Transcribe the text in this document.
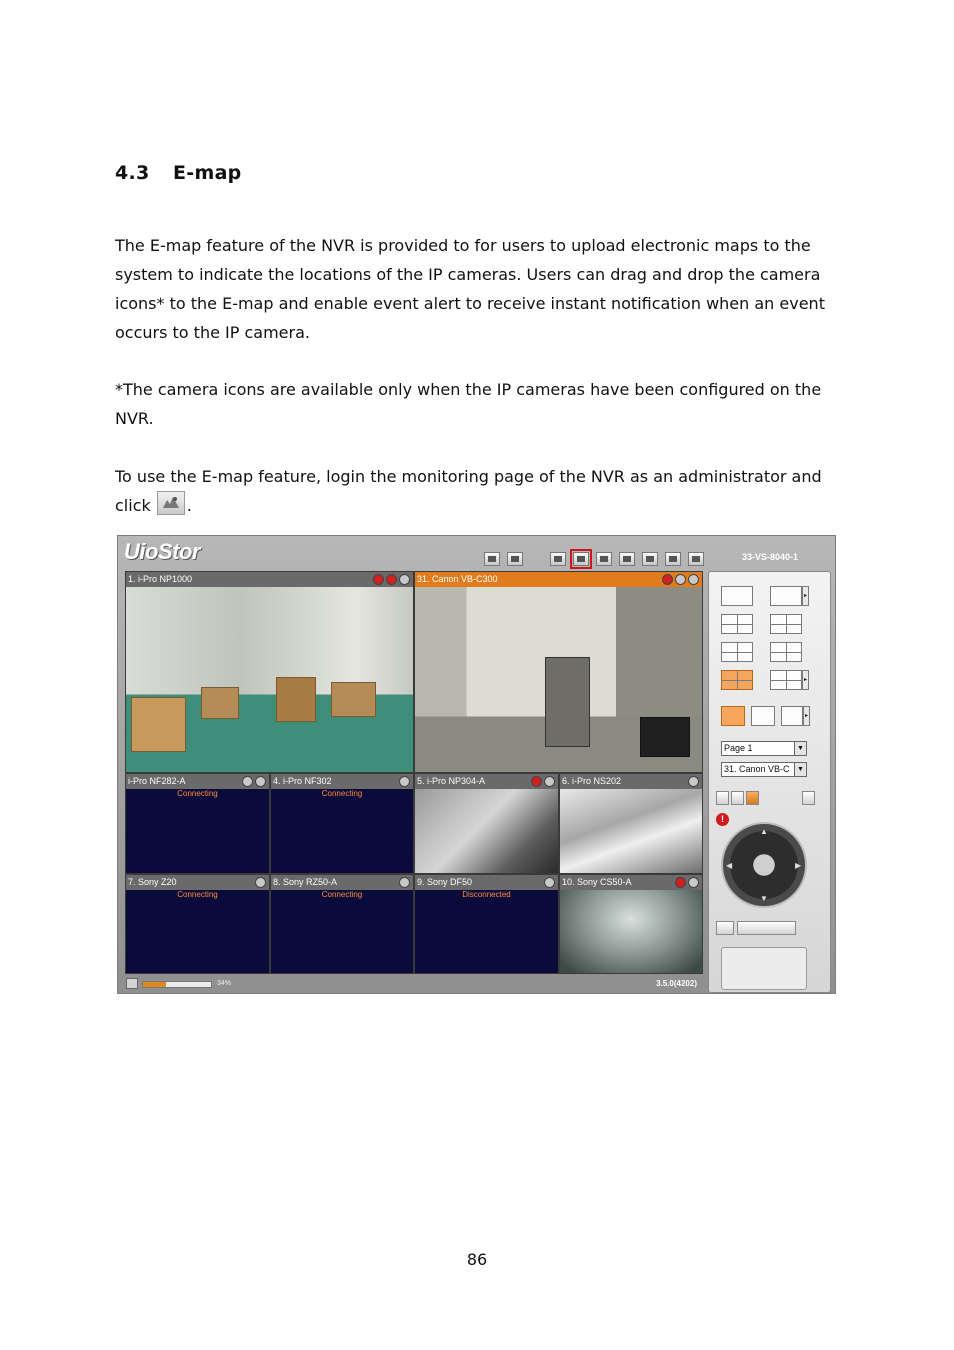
4.3 E-map

The E-map feature of the NVR is provided to for users to upload electronic maps to the system to indicate the locations of the IP cameras. Users can drag and drop the camera icons* to the E-map and enable event alert to receive instant notification when an event occurs to the IP camera.

*The camera icons are available only when the IP cameras have been configured on the NVR.

To use the E-map feature, login the monitoring page of the NVR as an administrator and click .

UioStor	33-VS-8040-1
1. i-Pro NP1000	31. Canon VB-C300
i-Pro NF282-A
Connecting
4. i-Pro NF302
Connecting
5. i-Pro NP304-A	6. i-Pro NS202
7. Sony Z20
Connecting
8. Sony RZ50-A
Connecting
9. Sony DF50
Disconnected
10. Sony CS50-A
34%	3.5.0(4202)
▸
▸
▸
Page 1	▼
31. Canon VB-C	▼
!
▲
▼
◀	▶
86
